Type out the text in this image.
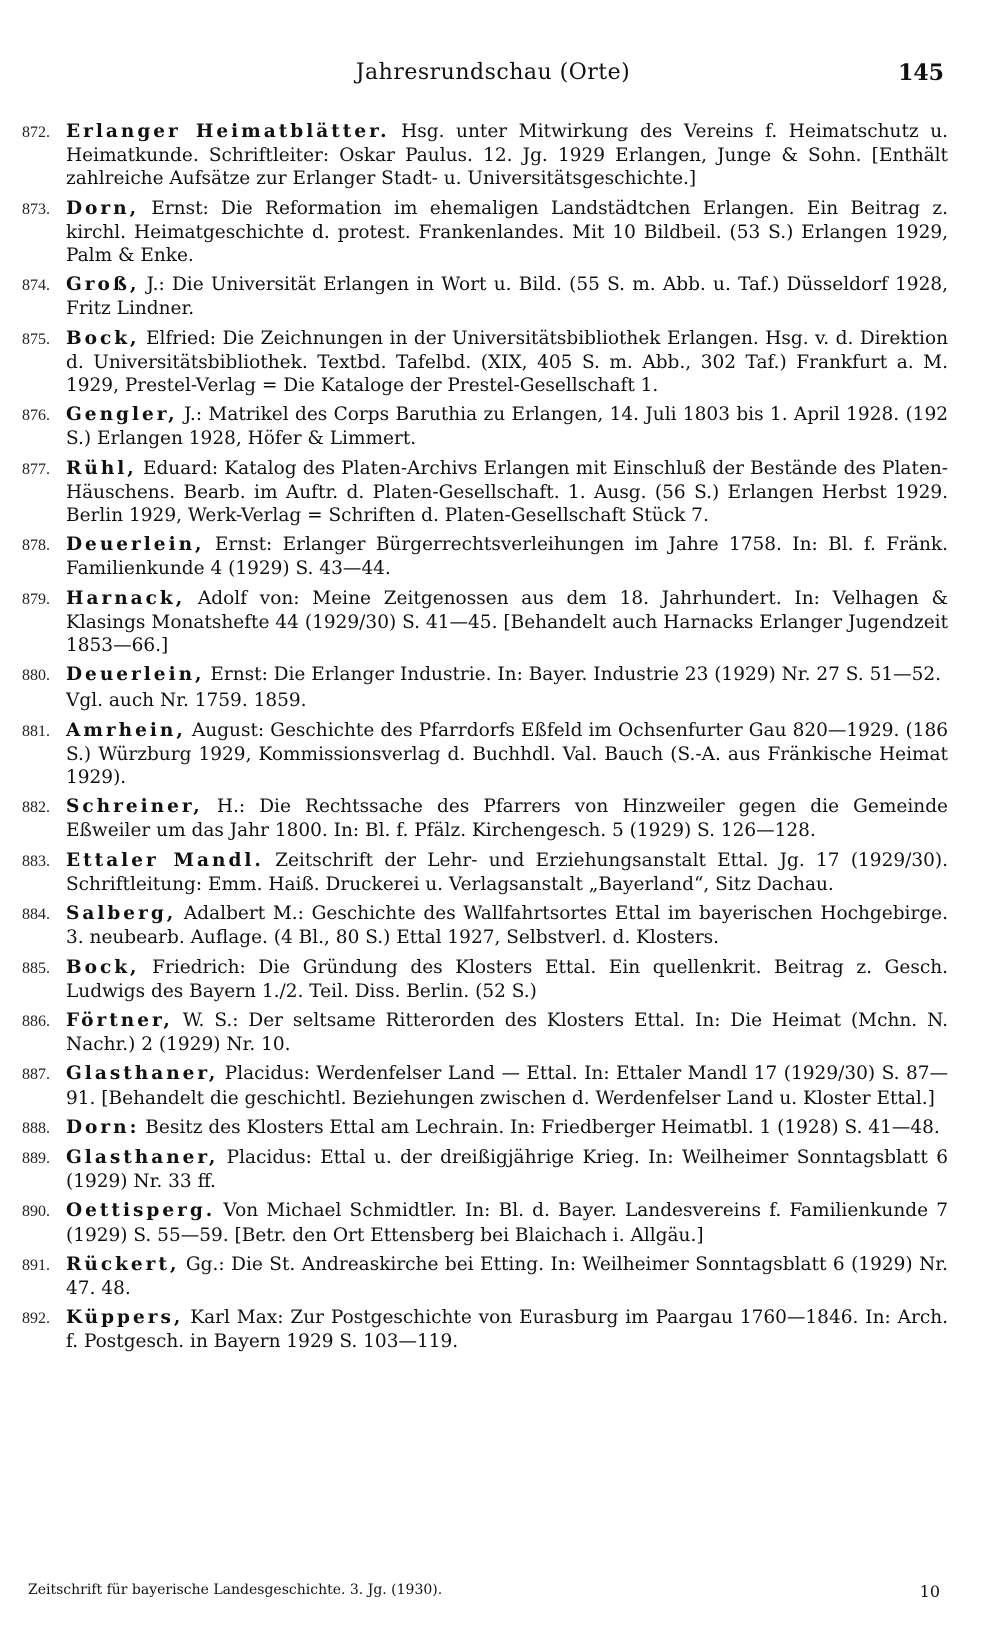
Jahresrundschau (Orte)	145
872. Erlanger Heimatblätter. Hsg. unter Mitwirkung des Vereins f. Heimatschutz u. Heimatkunde. Schriftleiter: Oskar Paulus. 12. Jg. 1929 Erlangen, Junge & Sohn. [Enthält zahlreiche Aufsätze zur Erlanger Stadt- u. Universitätsgeschichte.]
873. Dorn, Ernst: Die Reformation im ehemaligen Landstädtchen Erlangen. Ein Beitrag z. kirchl. Heimatgeschichte d. protest. Frankenlandes. Mit 10 Bildbeil. (53 S.) Erlangen 1929, Palm & Enke.
874. Groß, J.: Die Universität Erlangen in Wort u. Bild. (55 S. m. Abb. u. Taf.) Düsseldorf 1928, Fritz Lindner.
875. Bock, Elfried: Die Zeichnungen in der Universitätsbibliothek Erlangen. Hsg. v. d. Direktion d. Universitätsbibliothek. Textbd. Tafelbd. (XIX, 405 S. m. Abb., 302 Taf.) Frankfurt a. M. 1929, Prestel-Verlag = Die Kataloge der Prestel-Gesellschaft 1.
876. Gengler, J.: Matrikel des Corps Baruthia zu Erlangen, 14. Juli 1803 bis 1. April 1928. (192 S.) Erlangen 1928, Höfer & Limmert.
877. Rühl, Eduard: Katalog des Platen-Archivs Erlangen mit Einschluß der Bestände des Platen-Häuschens. Bearb. im Auftr. d. Platen-Gesellschaft. 1. Ausg. (56 S.) Erlangen Herbst 1929. Berlin 1929, Werk-Verlag = Schriften d. Platen-Gesellschaft Stück 7.
878. Deuerlein, Ernst: Erlanger Bürgerrechtsverleihungen im Jahre 1758. In: Bl. f. Fränk. Familienkunde 4 (1929) S. 43—44.
879. Harnack, Adolf von: Meine Zeitgenossen aus dem 18. Jahrhundert. In: Velhagen & Klasings Monatshefte 44 (1929/30) S. 41—45. [Behandelt auch Harnacks Erlanger Jugendzeit 1853—66.]
880. Deuerlein, Ernst: Die Erlanger Industrie. In: Bayer. Industrie 23 (1929) Nr. 27 S. 51—52.
Vgl. auch Nr. 1759. 1859.
881. Amrhein, August: Geschichte des Pfarrdorfs Eßfeld im Ochsenfurter Gau 820—1929. (186 S.) Würzburg 1929, Kommissionsverlag d. Buchhdl. Val. Bauch (S.-A. aus Fränkische Heimat 1929).
882. Schreiner, H.: Die Rechtssache des Pfarrers von Hinzweiler gegen die Gemeinde Eßweiler um das Jahr 1800. In: Bl. f. Pfälz. Kirchengesch. 5 (1929) S. 126—128.
883. Ettaler Mandl. Zeitschrift der Lehr- und Erziehungsanstalt Ettal. Jg. 17 (1929/30). Schriftleitung: Emm. Haiß. Druckerei u. Verlagsanstalt „Bayerland“, Sitz Dachau.
884. Salberg, Adalbert M.: Geschichte des Wallfahrtsortes Ettal im bayerischen Hochgebirge. 3. neubearb. Auflage. (4 Bl., 80 S.) Ettal 1927, Selbstverl. d. Klosters.
885. Bock, Friedrich: Die Gründung des Klosters Ettal. Ein quellenkrit. Beitrag z. Gesch. Ludwigs des Bayern 1./2. Teil. Diss. Berlin. (52 S.)
886. Förtner, W. S.: Der seltsame Ritterorden des Klosters Ettal. In: Die Heimat (Mchn. N. Nachr.) 2 (1929) Nr. 10.
887. Glasthaner, Placidus: Werdenfelser Land — Ettal. In: Ettaler Mandl 17 (1929/30) S. 87—91. [Behandelt die geschichtl. Beziehungen zwischen d. Werdenfelser Land u. Kloster Ettal.]
888. Dorn: Besitz des Klosters Ettal am Lechrain. In: Friedberger Heimatbl. 1 (1928) S. 41—48.
889. Glasthaner, Placidus: Ettal u. der dreißigjährige Krieg. In: Weilheimer Sonntagsblatt 6 (1929) Nr. 33 ff.
890. Oettisperg. Von Michael Schmidtler. In: Bl. d. Bayer. Landesvereins f. Familienkunde 7 (1929) S. 55—59. [Betr. den Ort Ettensberg bei Blaichach i. Allgäu.]
891. Rückert, Gg.: Die St. Andreaskirche bei Etting. In: Weilheimer Sonntagsblatt 6 (1929) Nr. 47. 48.
892. Küppers, Karl Max: Zur Postgeschichte von Eurasburg im Paargau 1760—1846. In: Arch. f. Postgesch. in Bayern 1929 S. 103—119.
Zeitschrift für bayerische Landesgeschichte. 3. Jg. (1930).	10
